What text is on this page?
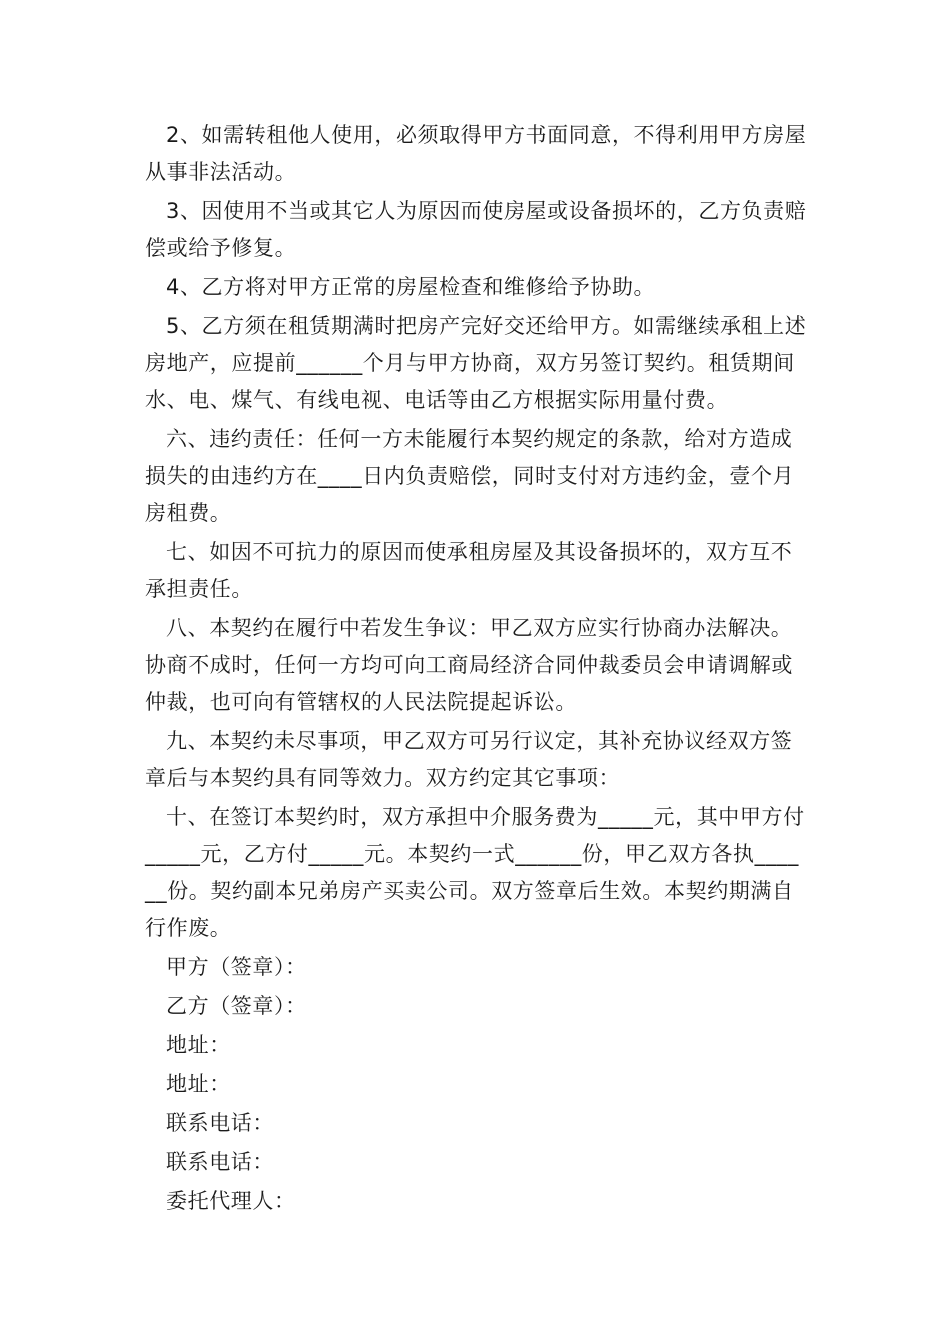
2、如需转租他人使用，必须取得甲方书面同意，不得利用甲方房屋从事非法活动。

3、因使用不当或其它人为原因而使房屋或设备损坏的，乙方负责赔偿或给予修复。

4、乙方将对甲方正常的房屋检查和维修给予协助。

5、乙方须在租赁期满时把房产完好交还给甲方。如需继续承租上述房地产，应提前______个月与甲方协商，双方另签订契约。租赁期间水、电、煤气、有线电视、电话等由乙方根据实际用量付费。

六、违约责任：任何一方未能履行本契约规定的条款，给对方造成损失的由违约方在____日内负责赔偿，同时支付对方违约金，壹个月房租费。

七、如因不可抗力的原因而使承租房屋及其设备损坏的，双方互不承担责任。

八、本契约在履行中若发生争议：甲乙双方应实行协商办法解决。协商不成时，任何一方均可向工商局经济合同仲裁委员会申请调解或仲裁，也可向有管辖权的人民法院提起诉讼。

九、本契约未尽事项，甲乙双方可另行议定，其补充协议经双方签章后与本契约具有同等效力。双方约定其它事项：

十、在签订本契约时，双方承担中介服务费为_____元，其中甲方付_____元，乙方付_____元。本契约一式______份，甲乙双方各执______份。契约副本兄弟房产买卖公司。双方签章后生效。本契约期满自行作废。

甲方（签章）：
乙方（签章）：
地址：
地址：
联系电话：
联系电话：
委托代理人：
